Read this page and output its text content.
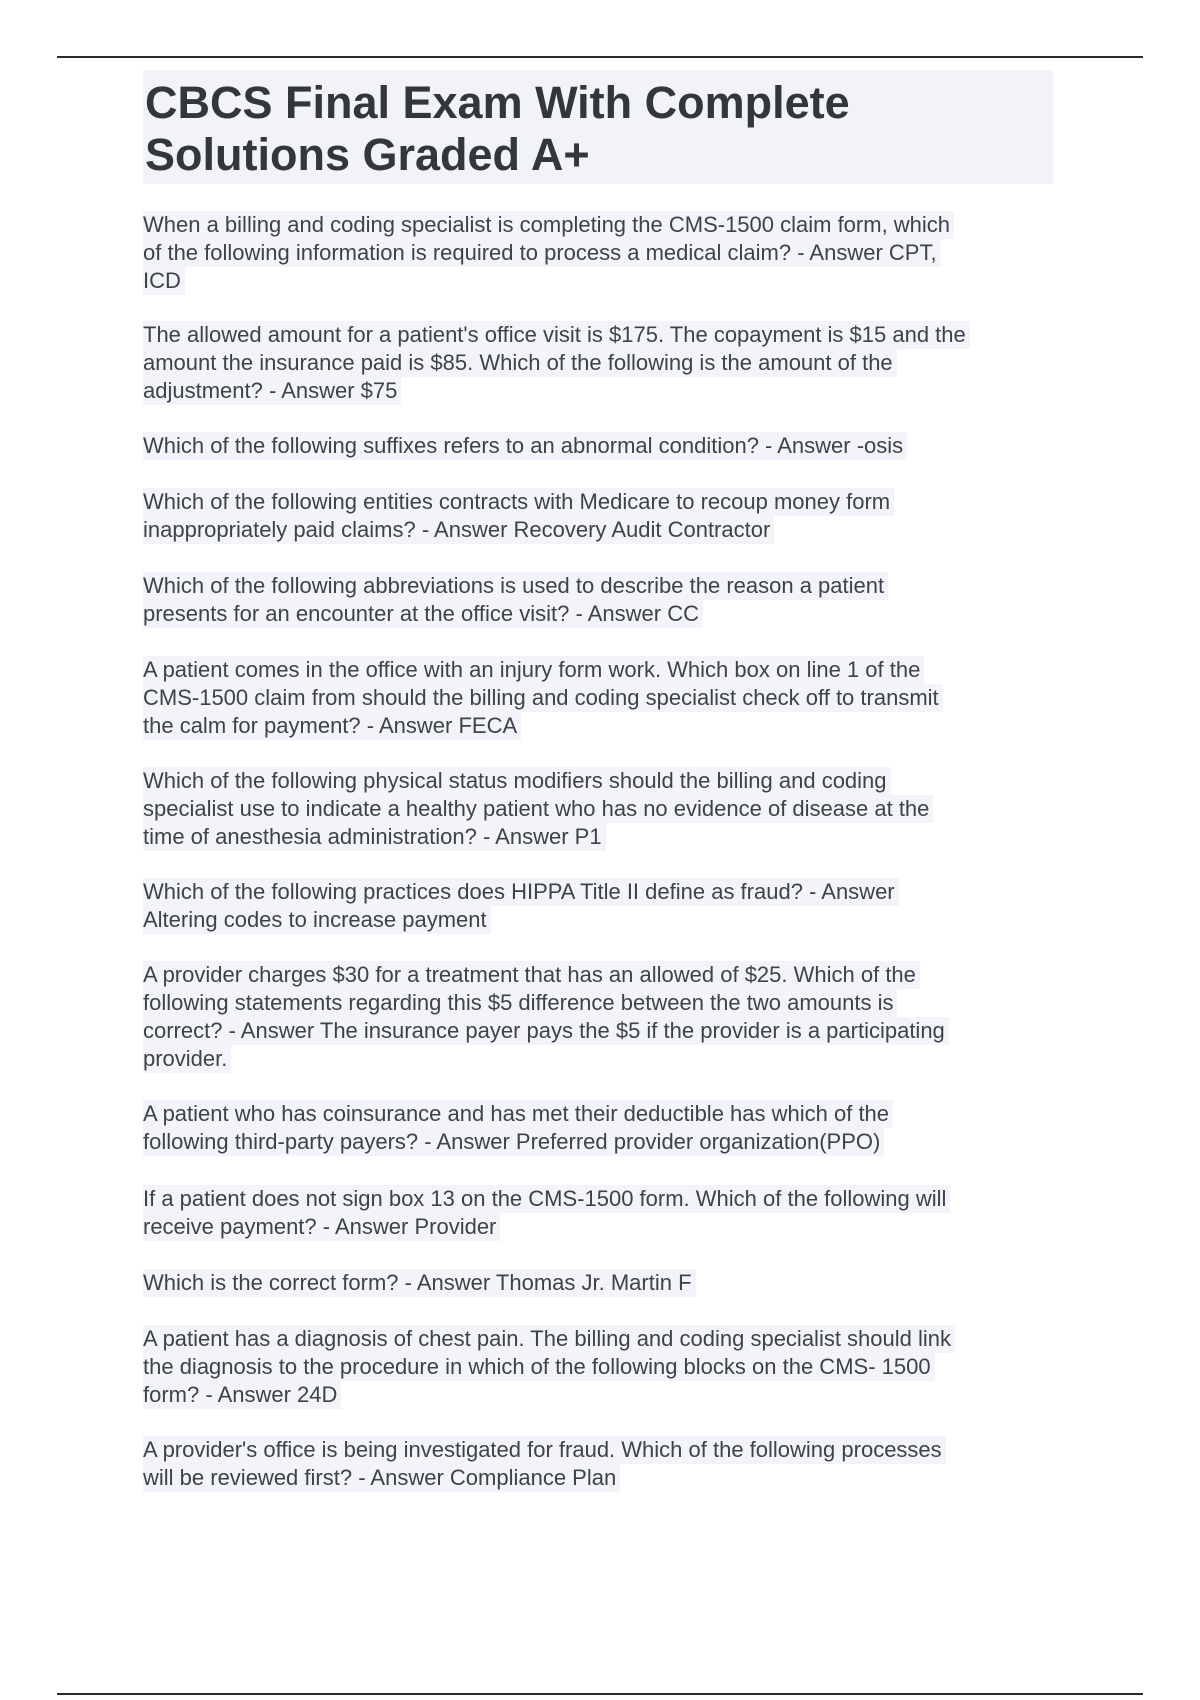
CBCS Final Exam With Complete
Solutions Graded A+
When a billing and coding specialist is completing the CMS-1500 claim form, which
of the following information is required to process a medical claim? - Answer CPT,
ICD
The allowed amount for a patient's office visit is $175. The copayment is $15 and the
amount the insurance paid is $85. Which of the following is the amount of the
adjustment? - Answer $75
Which of the following suffixes refers to an abnormal condition? - Answer -osis
Which of the following entities contracts with Medicare to recoup money form
inappropriately paid claims? - Answer Recovery Audit Contractor
Which of the following abbreviations is used to describe the reason a patient
presents for an encounter at the office visit? - Answer CC
A patient comes in the office with an injury form work. Which box on line 1 of the
CMS-1500 claim from should the billing and coding specialist check off to transmit
the calm for payment? - Answer FECA
Which of the following physical status modifiers should the billing and coding
specialist use to indicate a healthy patient who has no evidence of disease at the
time of anesthesia administration? - Answer P1
Which of the following practices does HIPPA Title II define as fraud? - Answer
Altering codes to increase payment
A provider charges $30 for a treatment that has an allowed of $25. Which of the
following statements regarding this $5 difference between the two amounts is
correct? - Answer The insurance payer pays the $5 if the provider is a participating
provider.
A patient who has coinsurance and has met their deductible has which of the
following third-party payers? - Answer Preferred provider organization(PPO)
If a patient does not sign box 13 on the CMS-1500 form. Which of the following will
receive payment? - Answer Provider
Which is the correct form? - Answer Thomas Jr. Martin F
A patient has a diagnosis of chest pain. The billing and coding specialist should link
the diagnosis to the procedure in which of the following blocks on the CMS- 1500
form? - Answer 24D
A provider's office is being investigated for fraud. Which of the following processes
will be reviewed first? - Answer Compliance Plan
